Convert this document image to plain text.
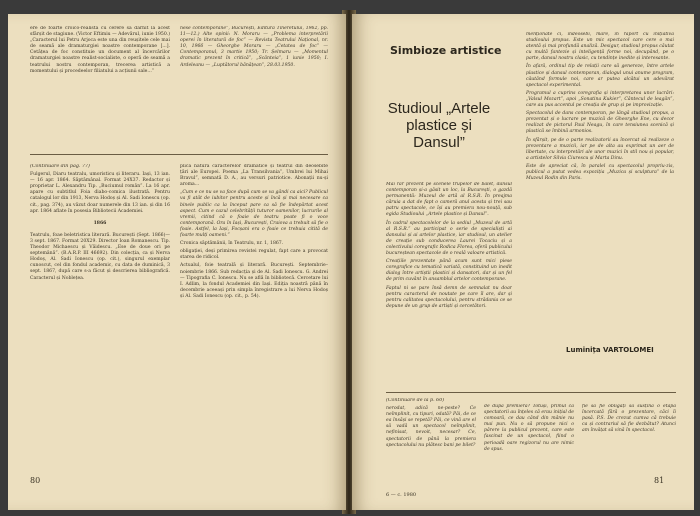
ere de foarte croico-realistă cu cerere să dărnit la acest sfârșit de stagiune. (Victor Eftimiu — Adevărul, iunie 1950.) „Caracterul lui Petru Arjoca este una din reușitele cele mai de seamă ale dramaturgiei noastre contemporane [...]. Cetățea de foc constituie un document al încercărilor dramaturgiei noastre realist-socialiste, o operă de seamă a teatrului nostru contemporan, trecerea artistică a momentului și procedeelor filiatului a acțiunii sale...”

nese contemporane”, București, Editura Tineretului, 1962, pp. 11—12.) Alte opinii: N. Moraru — „Problema interpretării operei în literatură de foc” — Revista Teatrului Național, nr. 10, 1966 — Gheorghe Moraru — „Cetatea de foc” — Contemporanul, 3 martie 1950; Tr. Șelmaru — „Momentul dramatic prezent în critică”, „Scânteia”, 1 iunie 1950; I. Ardeleanu — „Luptătorul bănățean”, 28.03.1950.

(Continuare din pag. 77)

Fulgerul, Diaru teatralu, umoristicu și literaru. Iași, 13 ian. — 16 apr. 1864. Săptămânal. Format 24X37. Redactor și proprietar L. Alexandru Tip. „Buciumul român”. La 16 apr. apare cu subtitlul Foia diabo-comica ilustrată. Pentru catalogul lor din 1913, Nerva Hodoș și Al. Sadi Ionescu (op. cit., pag. 374), au văzut doar numerele din 13 ian. și din 16 apr. 1864 aflate în posesia Bibliotecii Academiei.

1866

Teatrulu, foae beletristica literară. București (Sept. 1866)—3 sept. 1867. Format 20X29. Director Ioan Romanescu. Tip. Theodor Michaescu și Văidescu. „Ese de doue ori pe septemână”. (B.A.R.P. III 46692). Din colecția, ca și Nerva Hodoș, Al. Sadi Ionescu (op. cit.), singurul exemplar cunoscut, cel din fondul academic, cu data de duminică, 3 sept. 1867, după care s-a făcut și descrierea bibliografică. Caracterul și Noblețea.

plică natura caracterelor dramatice și teatrul din deosebite țări ale Europei. Poema „La Transilvania”, Umbrei lui Mihai Bravul”, semnată D. A., au versuri patriotice. Abonații nu-și aroma...

„Cum e ce nu se va face după cum se va gândi ca aici? Publicul va fi atât de iubitor pentru aceste și încă și mai necesare ca binele public ca la început pare ca să fie îndepărtat acest aspect. Cum e cazul celebrității tuturor oamenilor, lucrurile al vremii, citind că o foaie de teatru poate fi o voce contemporană. Ora în Iași, București, Craiova a trebuit să fie o foaie. Astfel, la Iași, Focșani era o foaie ce trebuia citită de foarte mulți oameni.”

Cronica săptămânii, în Teatrulu, nr. 1, 1867.

obligației, deși primirea revistei regulat, fapt care a provocat starea de ridicol.

Actualul, foie teatrală și literară. București. Septembrie–noiembrie 1866. Sub redacția și de Al. Sadi Ionescu. G. Andrei — Tipografia C. Ionescu. Nu se află în bibliotecă. Cercetare lui I. Adlim, la fondul Academiei din Iași. Ediția noastră până în decembrie aceeași prin simpla înregistrare a lui Nerva Hodoș și Al. Sadi Ionescu (op. cit., p. 54).

80
Simbioze artistice
Studioul „Artele plastice și Dansul”

Mai rar prezent pe scenele trupelor de balet, dansul contemporan și-a găsit un loc, la București, o gazdă permanentă: Muzeul de artă al R.S.R. În preajma căruia a dat de fapt o cameră anul acesta și trei sau patru spectacole, ce își au premiera nou-nouță, sub egida Studioului „Artele plastice și Dansul”.

În cadrul spectacolelor de la sediul „Muzeul de artă al R.S.R.” au participat o serie de specialiști ai dansului și ai artelor plastice, iar studioul, un atelier de creație sub conducerea Laurei Tocaciu și a colectivului coregrafic Rodica Florea, oferă publicului bucureștean spectacole de o reală valoare artistică.

Creațiile prezentate până acum sunt mici piese coregrafice cu tematică variată, constituind un inedit dialog între artiștii plastici și dansatori, dar și un fel de prim cuvânt în ansamblul artelor contemporane.

Faptul ni se pare însă demn de semnalat nu doar pentru caracterul de noutate pe care îl are, dar și pentru calitatea spectacolului, pentru strădania ce se depune de un grup de artiști și cercetători.

menționate ci, îndeosebi, mare, în raport cu inițiativa studioului propus. Este un mic spectacol care cere o mai atentă și mai profundă analiză. Desigur, studioul propus căutat cu multă fantezie și inteligență forme noi, decupând, pe o parte, dansul nostru clasic, cu tendințe inedite și interesante.

În afară, ordinul tip de relații care să genereze, între artele plastice și dansul contemporan, dialogul unui anume program, căutând formule noi, care ar putea alcătui un adevărat spectacol experimental.

Programul a cuprins coregrafia și interpretarea unor lucrări: „Valsul Mozart”, apoi „Sonatina Kukier”, Cântecul de leagăn”, care au pus accentul pe creația de grup și pe improvizație.

Spectacolul de dans contemporan, pe lângă studioul propus, a prezentat și o lucrare pe muzică de Gheorghe Ene, cu decor realizat de pictorul Paul Neagu, în care tensiunea scenică și plastică se îmbină armonios.

În sfârșit, pe de o parte realizatorii au încercat să realizeze o prezentare a muzicii, iar pe de alta au exprimat un aer de libertate, cu interpretări ale unor muzici în stil nou și popular, a artistelor Silvia Ciurescu și Marta Dinu.

Este de apreciat că, în paralel cu spectacolul propriu-zis, publicul a putut vedea expoziția „Muzica și sculptura” de la Muzeul Rodin din Paris.

Luminița VARTOLOMEI

(Continuare de la p. 60)

nerodat, adică ne-peste? Ce neîmplinit, cu tipuri, odată? Păi, de ce ea însăși se repetă? Păi, ce vină are el să vadă un spectacol neîmplinit, nefinisat, nevoit, necesar? Ce, spectatorii de până la premiera spectacolului nu plătesc bani pe bilet?

de după premieră? Totuși, primul că spectatorii au înțeles că erau inițial de comoară, ce dau când din mânie nu mai pun. Nu o să propune nici o părere la publicul prezent, care este fascinat de un spectacol, fiind o perioadă oare regizorul nu are nimic de spus.

fie să fie obligați să susțină o etapă încercată fără o prezentare, căci îi pasă. P.S. De crezut cumva că trebuie ca și contrariul să fie dezbătut? Atunci am învățat să vină în spectacol.

6 — c. 1980
81
